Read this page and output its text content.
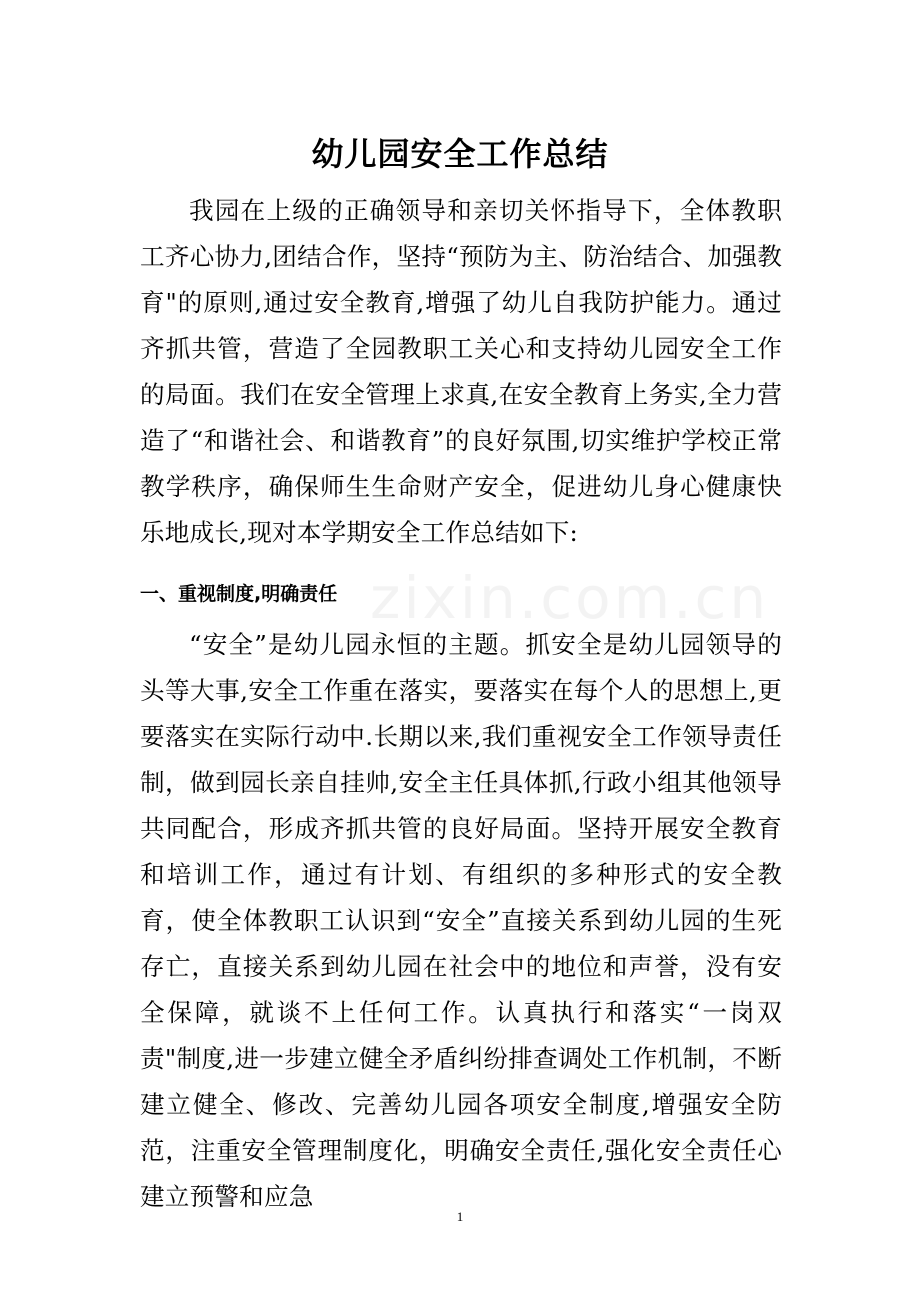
幼儿园安全工作总结

我园在上级的正确领导和亲切关怀指导下，全体教职工齐心协力,团结合作，坚持“预防为主、防治结合、加强教育"的原则,通过安全教育,增强了幼儿自我防护能力。通过齐抓共管，营造了全园教职工关心和支持幼儿园安全工作的局面。我们在安全管理上求真,在安全教育上务实,全力营造了“和谐社会、和谐教育”的良好氛围,切实维护学校正常教学秩序，确保师生生命财产安全，促进幼儿身心健康快乐地成长,现对本学期安全工作总结如下:

zixin.com.cn

一、重视制度,明确责任

“安全”是幼儿园永恒的主题。抓安全是幼儿园领导的头等大事,安全工作重在落实，要落实在每个人的思想上,更要落实在实际行动中.长期以来,我们重视安全工作领导责任制，做到园长亲自挂帅,安全主任具体抓,行政小组其他领导共同配合，形成齐抓共管的良好局面。坚持开展安全教育和培训工作，通过有计划、有组织的多种形式的安全教育，使全体教职工认识到“安全”直接关系到幼儿园的生死存亡，直接关系到幼儿园在社会中的地位和声誉，没有安全保障，就谈不上任何工作。认真执行和落实“一岗双责"制度,进一步建立健全矛盾纠纷排查调处工作机制，不断建立健全、修改、完善幼儿园各项安全制度,增强安全防范，注重安全管理制度化，明确安全责任,强化安全责任心建立预警和应急

1
